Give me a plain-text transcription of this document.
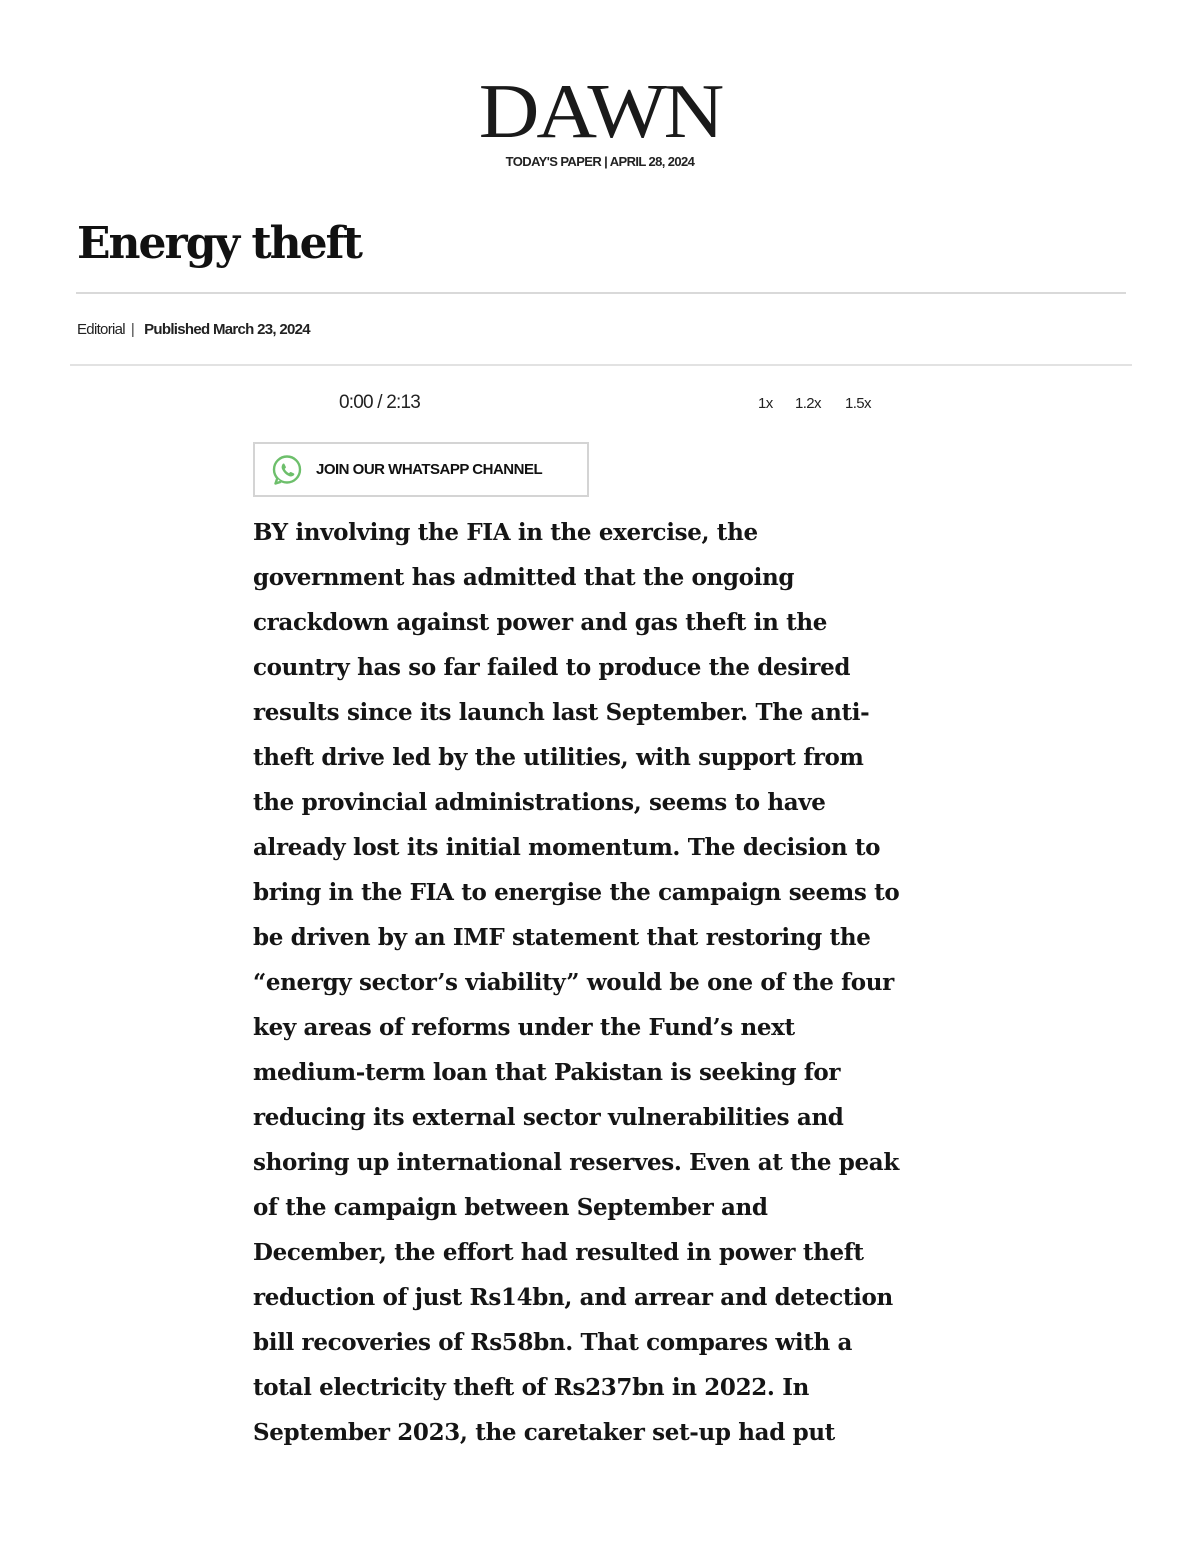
DAWN
TODAY'S PAPER | APRIL 28, 2024
Energy theft
Editorial | Published March 23, 2024
0:00 / 2:13	1x 1.2x 1.5x
JOIN OUR WHATSAPP CHANNEL
BY involving the FIA in the exercise, the
government has admitted that the ongoing
crackdown against power and gas theft in the
country has so far failed to produce the desired
results since its launch last September. The anti-
theft drive led by the utilities, with support from
the provincial administrations, seems to have
already lost its initial momentum. The decision to
bring in the FIA to energise the campaign seems to
be driven by an IMF statement that restoring the
“energy sector’s viability” would be one of the four
key areas of reforms under the Fund’s next
medium-term loan that Pakistan is seeking for
reducing its external sector vulnerabilities and
shoring up international reserves. Even at the peak
of the campaign between September and
December, the effort had resulted in power theft
reduction of just Rs14bn, and arrear and detection
bill recoveries of Rs58bn. That compares with a
total electricity theft of Rs237bn in 2022. In
September 2023, the caretaker set-up had put
